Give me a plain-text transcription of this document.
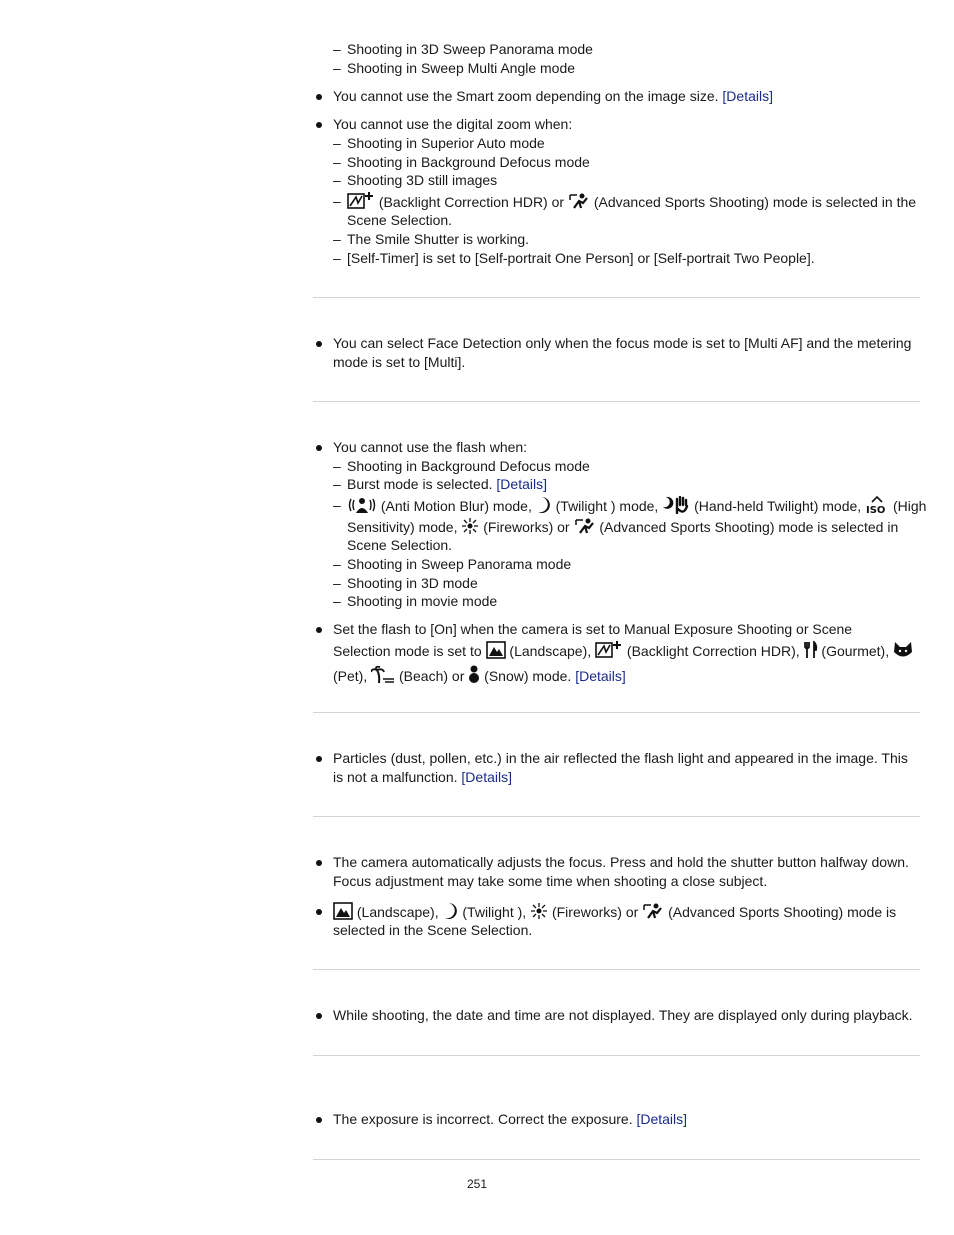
– Shooting in 3D Sweep Panorama mode
– Shooting in Sweep Multi Angle mode
You cannot use the Smart zoom depending on the image size. [Details]
You cannot use the digital zoom when:
– Shooting in Superior Auto mode
– Shooting in Background Defocus mode
– Shooting 3D still images
–	(Backlight Correction HDR) or (Advanced Sports Shooting) mode is selected in the
Scene Selection.
– The Smile Shutter is working.
– [Self-Timer] is set to [Self-portrait One Person] or [Self-portrait Two People].
You can select Face Detection only when the focus mode is set to [Multi AF] and the metering
mode is set to [Multi].
You cannot use the flash when:
– Shooting in Background Defocus mode
– Burst mode is selected. [Details]
–	(Anti Motion Blur) mode, (Twilight ) mode,	(Hand-held Twilight) mode, ISO (High
Sensitivity) mode, (Fireworks) or (Advanced Sports Shooting) mode is selected in
Scene Selection.
– Shooting in Sweep Panorama mode
– Shooting in 3D mode
– Shooting in movie mode
Set the flash to [On] when the camera is set to Manual Exposure Shooting or Scene
Selection mode is set to (Landscape),	(Backlight Correction HDR), (Gourmet),
(Pet), (Beach) or (Snow) mode. [Details]
Particles (dust, pollen, etc.) in the air reflected the flash light and appeared in the image. This
is not a malfunction. [Details]
The camera automatically adjusts the focus. Press and hold the shutter button halfway down.
Focus adjustment may take some time when shooting a close subject.
(Landscape), (Twilight ), (Fireworks) or (Advanced Sports Shooting) mode is
selected in the Scene Selection.
While shooting, the date and time are not displayed. They are displayed only during playback.
The exposure is incorrect. Correct the exposure. [Details]
251
